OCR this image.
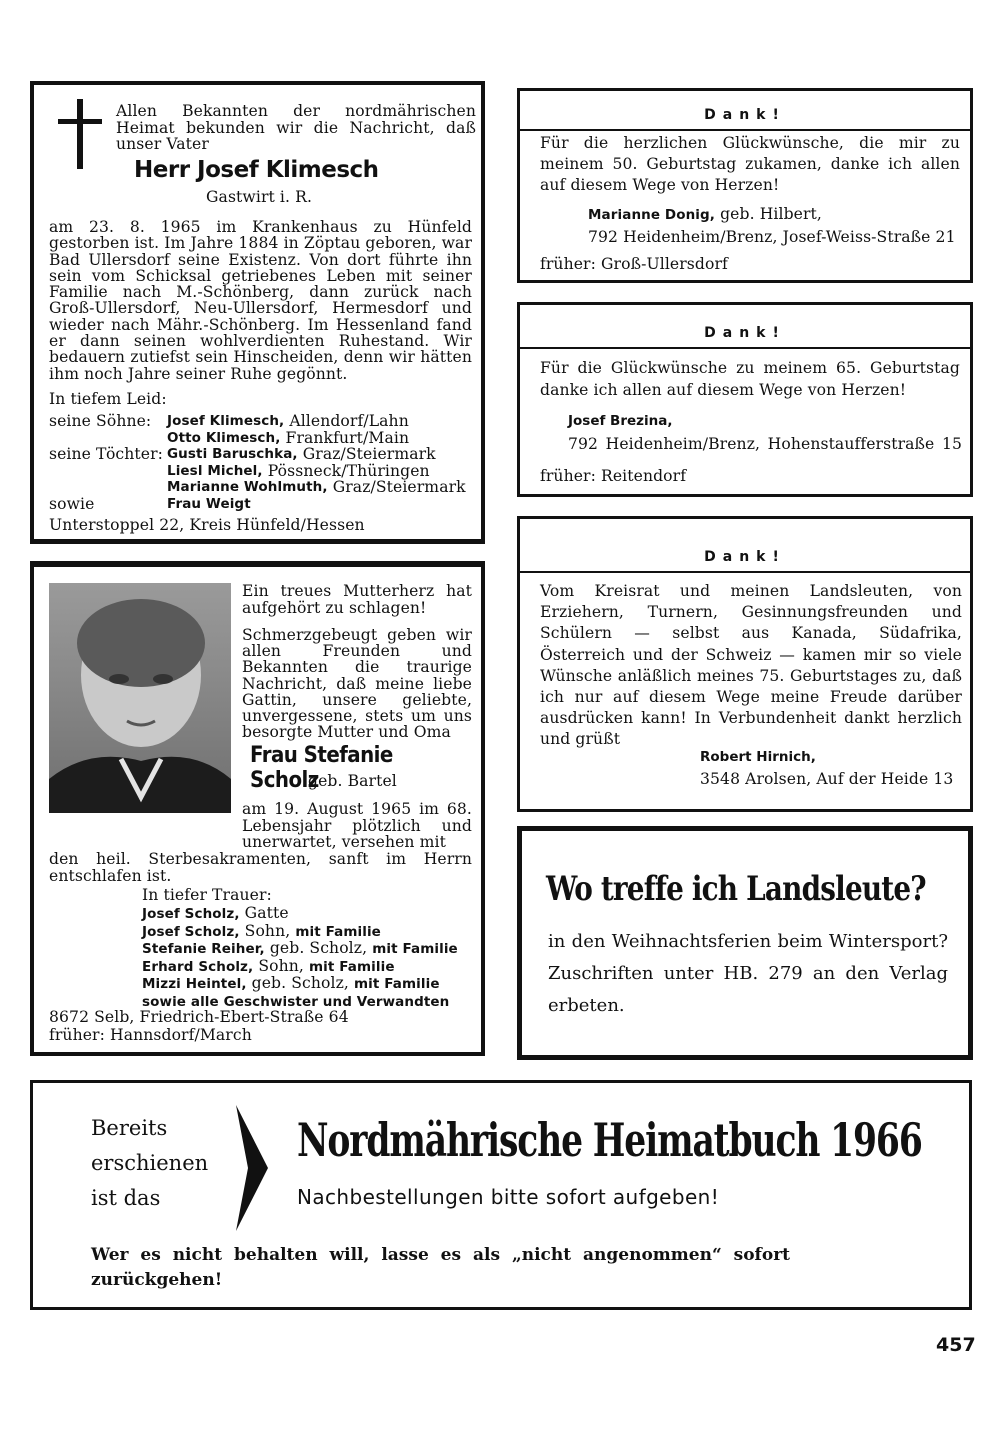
Allen Bekannten der nordmährischen Heimat bekunden wir die Nachricht, daß unser Vater

Herr Josef Klimesch
Gastwirt i. R.

am 23. 8. 1965 im Krankenhaus zu Hünfeld gestorben ist. Im Jahre 1884 in Zöptau geboren, war Bad Ullersdorf seine Existenz. Von dort führte ihn sein vom Schicksal getriebenes Leben mit seiner Familie nach M.-Schönberg, dann zurück nach Groß-Ullersdorf, Neu-Ullersdorf, Hermesdorf und wieder nach Mähr.-Schönberg. Im Hessenland fand er dann seinen wohlverdienten Ruhestand. Wir bedauern zutiefst sein Hinscheiden, denn wir hätten ihm noch Jahre seiner Ruhe gegönnt.

In tiefem Leid:
seine Söhne:	Josef Klimesch,
Allendorf/Lahn
Otto Klimesch,
Frankfurt/Main
seine Töchter: Gusti Baruschka,
Graz/Steiermark
Liesl Michel,
Pössneck/Thüringen
Marianne Wohlmuth,
Graz/Steiermark
sowie	Frau Weigt
Unterstoppel 22, Kreis Hünfeld/Hessen

Ein treues Mutterherz hat aufgehört zu schlagen!

Schmerzgebeugt geben wir allen Freunden und Bekannten die traurige Nachricht, daß meine liebe Gattin, unsere geliebte, unvergessene, stets um uns besorgte Mutter und Oma

Frau Stefanie Scholz
geb. Bartel

am 19. August 1965 im 68. Lebensjahr plötzlich und unerwartet, versehen mit

den heil. Sterbesakramenten, sanft im Herrn entschlafen ist.

In tiefer Trauer:
Josef Scholz, Gatte
Josef Scholz, Sohn, mit Familie
Stefanie Reiher, geb. Scholz, mit Familie
Erhard Scholz, Sohn, mit Familie
Mizzi Heintel, geb. Scholz, mit Familie
sowie alle Geschwister und Verwandten
8672 Selb, Friedrich-Ebert-Straße 64
früher: Hannsdorf/March
Dank!

Für die herzlichen Glückwünsche, die mir zu meinem 50. Geburtstag zukamen, danke ich allen auf diesem Wege von Herzen!

Marianne Donig, geb. Hilbert,
792 Heidenheim/Brenz, Josef-Weiss-Straße 21
früher: Groß-Ullersdorf
Dank!

Für die Glückwünsche zu meinem 65. Geburtstag danke ich allen auf diesem Wege von Herzen!

Josef Brezina,
792 Heidenheim/Brenz, Hohenstaufferstraße 15
früher: Reitendorf
Dank!

Vom Kreisrat und meinen Landsleuten, von Erziehern, Turnern, Gesinnungsfreunden und Schülern — selbst aus Kanada, Südafrika, Österreich und der Schweiz — kamen mir so viele Wünsche anläßlich meines 75. Geburtstages zu, daß ich nur auf diesem Wege meine Freude darüber ausdrücken kann! In Verbundenheit dankt herzlich und grüßt

Robert Hirnich,
3548 Arolsen, Auf der Heide 13
Wo treffe ich Landsleute?

in den Weihnachtsferien beim Wintersport? Zuschriften unter HB. 279 an den Verlag erbeten.

Bereits
erschienen
ist das
Nordmährische Heimatbuch 1966
Nachbestellungen bitte sofort aufgeben!

Wer es nicht behalten will, lasse es als „nicht angenommen“ sofort zurückgehen!

457
